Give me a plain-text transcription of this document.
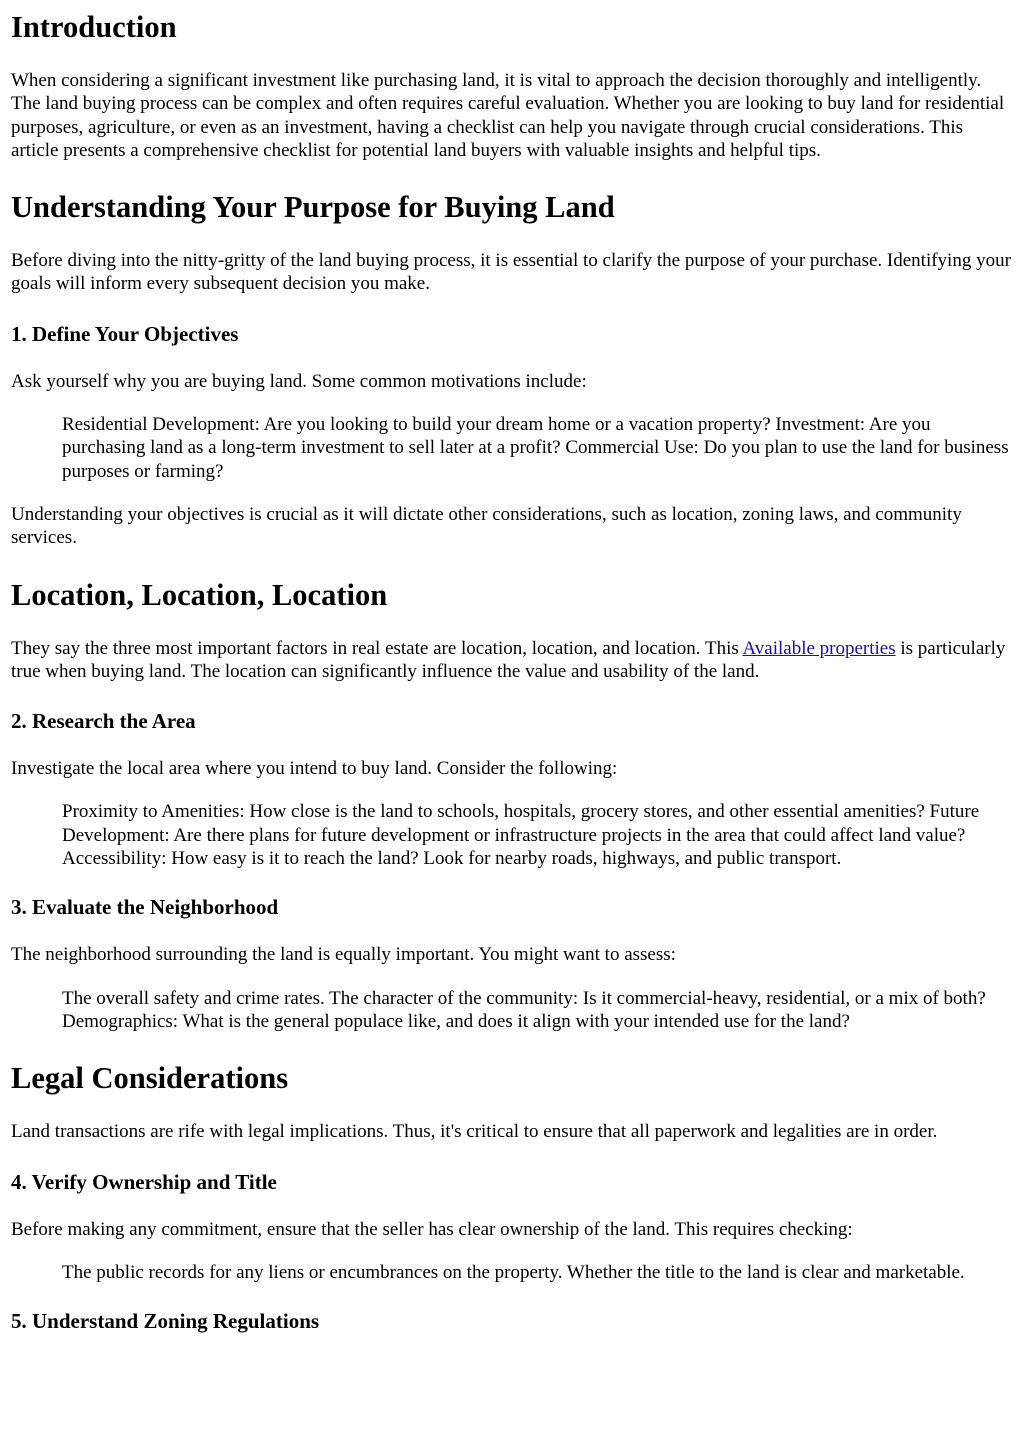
Introduction

When considering a significant investment like purchasing land, it is vital to approach the decision thoroughly and intelligently. The land buying process can be complex and often requires careful evaluation. Whether you are looking to buy land for residential purposes, agriculture, or even as an investment, having a checklist can help you navigate through crucial considerations. This article presents a comprehensive checklist for potential land buyers with valuable insights and helpful tips.

Understanding Your Purpose for Buying Land

Before diving into the nitty-gritty of the land buying process, it is essential to clarify the purpose of your purchase. Identifying your goals will inform every subsequent decision you make.

1. Define Your Objectives

Ask yourself why you are buying land. Some common motivations include:

Residential Development: Are you looking to build your dream home or a vacation property? Investment: Are you purchasing land as a long-term investment to sell later at a profit? Commercial Use: Do you plan to use the land for business purposes or farming?

Understanding your objectives is crucial as it will dictate other considerations, such as location, zoning laws, and community services.

Location, Location, Location

They say the three most important factors in real estate are location, location, and location. This Available properties is particularly true when buying land. The location can significantly influence the value and usability of the land.

2. Research the Area

Investigate the local area where you intend to buy land. Consider the following:

Proximity to Amenities: How close is the land to schools, hospitals, grocery stores, and other essential amenities? Future Development: Are there plans for future development or infrastructure projects in the area that could affect land value? Accessibility: How easy is it to reach the land? Look for nearby roads, highways, and public transport.
3. Evaluate the Neighborhood

The neighborhood surrounding the land is equally important. You might want to assess:

The overall safety and crime rates. The character of the community: Is it commercial-heavy, residential, or a mix of both? Demographics: What is the general populace like, and does it align with your intended use for the land?
Legal Considerations

Land transactions are rife with legal implications. Thus, it's critical to ensure that all paperwork and legalities are in order.

4. Verify Ownership and Title

Before making any commitment, ensure that the seller has clear ownership of the land. This requires checking:

The public records for any liens or encumbrances on the property. Whether the title to the land is clear and marketable.
5. Understand Zoning Regulations
